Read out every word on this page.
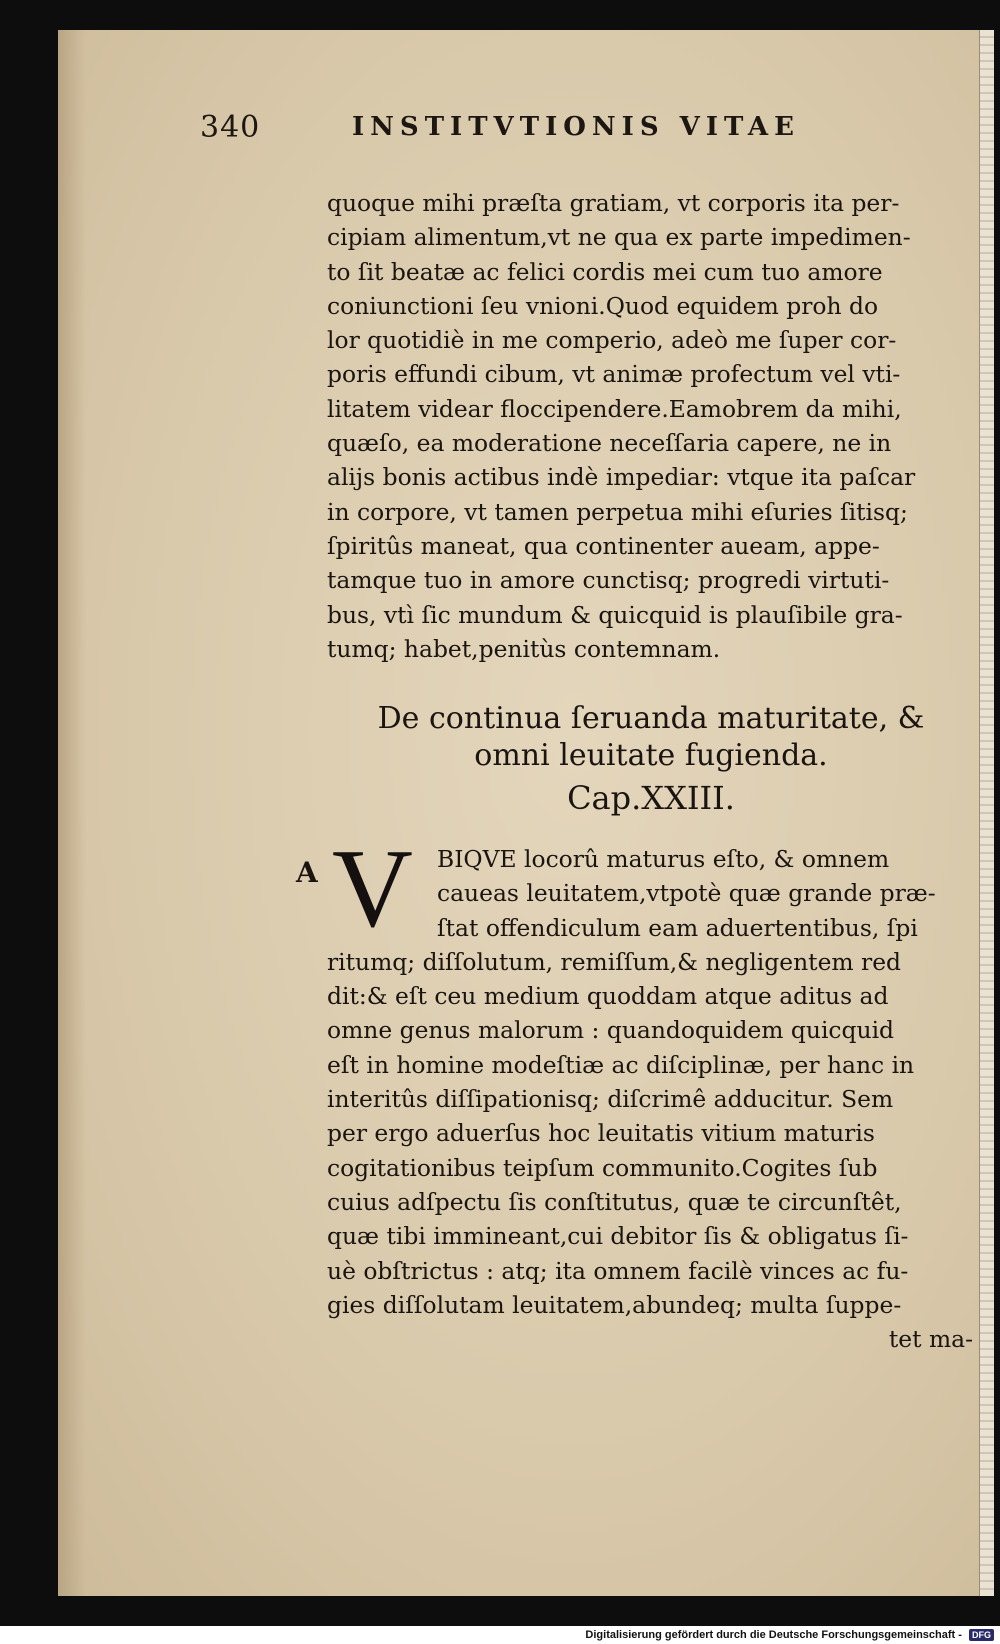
340	INSTITVTIONIS VITAE
quoque mihi præſta gratiam, vt corporis ita per-
cipiam alimentum,vt ne qua ex parte impedimen-
to ſit beatæ ac felici cordis mei cum tuo amore
coniunctioni ſeu vnioni.Quod equidem proh do
lor quotidiè in me comperio, adeò me ſuper cor-
poris effundi cibum, vt animæ profectum vel vti-
litatem videar floccipendere.Eamobrem da mihi,
quæſo, ea moderatione neceſſaria capere, ne in
alijs bonis actibus indè impediar: vtque ita paſcar
in corpore, vt tamen perpetua mihi eſuries ſitisq;
ſpiritûs maneat, qua continenter aueam, appe-
tamque tuo in amore cunctisq; progredi virtuti-
bus, vtì ſic mundum & quicquid is plauſibile gra-
tumq; habet,penitùs contemnam.
De continua ſeruanda maturitate, &
omni leuitate fugienda.
Cap.XXIII.
A V	BIQVE locorû maturus eſto, & omnem
caueas leuitatem,vtpotè quæ grande præ-
ſtat offendiculum eam aduertentibus, ſpi
ritumq; diſſolutum, remiſſum,& negligentem red
dit:& eſt ceu medium quoddam atque aditus ad
omne genus malorum : quandoquidem quicquid
eſt in homine modeſtiæ ac diſciplinæ, per hanc in
interitûs diſſipationisq; diſcrimê adducitur. Sem
per ergo aduerſus hoc leuitatis vitium maturis
cogitationibus teipſum communito.Cogites ſub
cuius adſpectu ſis conſtitutus, quæ te circunſtêt,
quæ tibi immineant,cui debitor ſis & obligatus ſi-
uè obſtrictus : atq; ita omnem facilè vinces ac fu-
gies diſſolutam leuitatem,abundeq; multa ſuppe-
tet ma-
Digitalisierung gefördert durch die Deutsche Forschungsgemeinschaft - DFG
